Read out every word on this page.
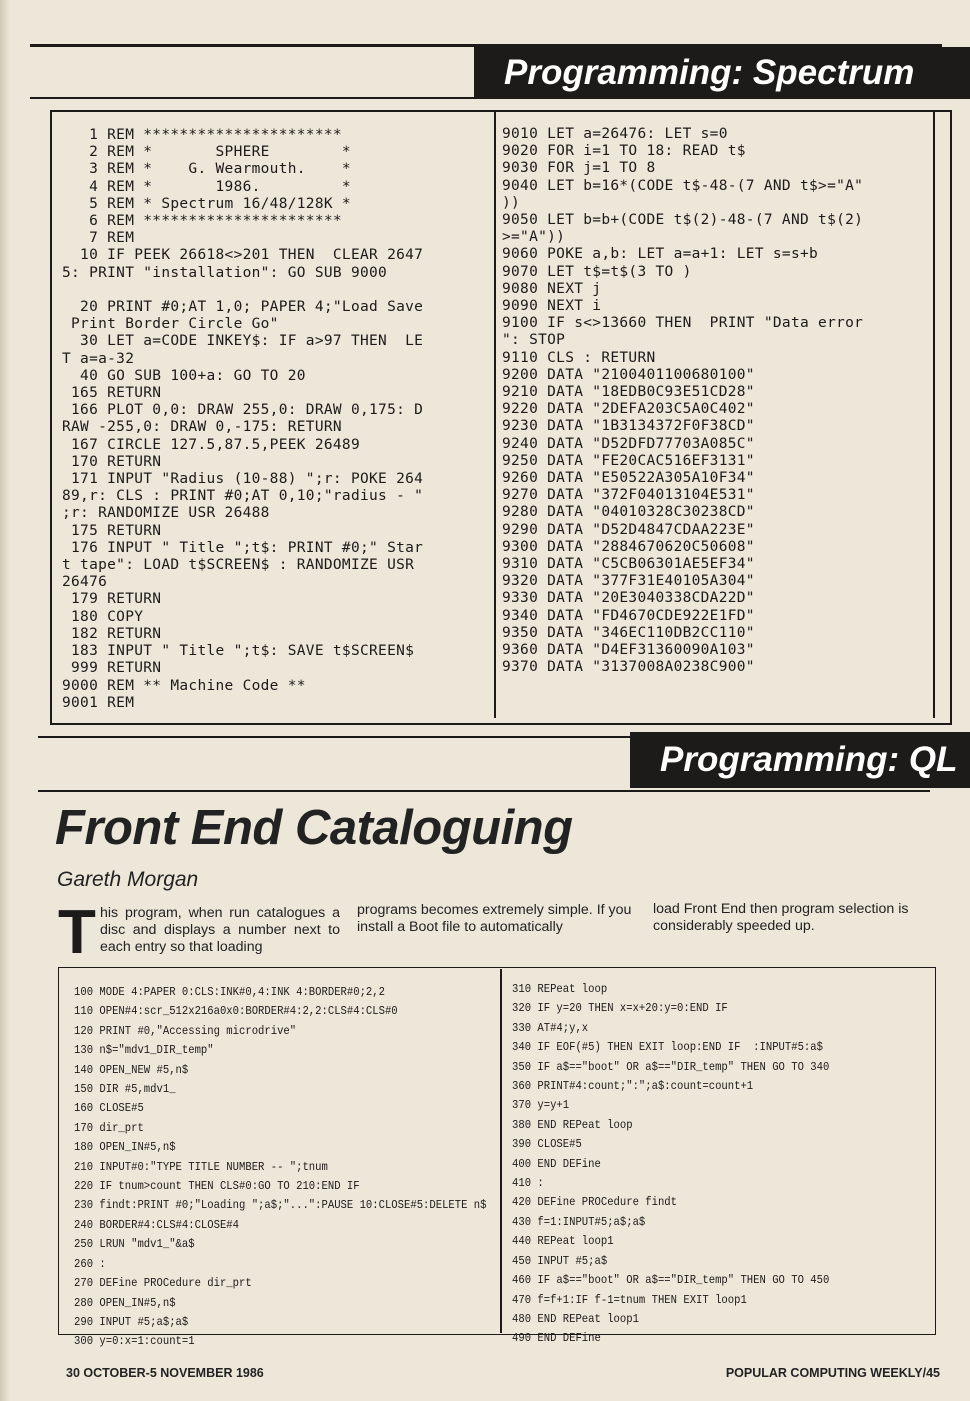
Programming: Spectrum
1 REM **********************
2 REM *       SPHERE        *
3 REM *    G. Wearmouth.    *
4 REM *       1986.         *
5 REM * Spectrum 16/48/128K *
6 REM **********************
7 REM
10 IF PEEK 26618<>201 THEN  CLEAR 2647
5: PRINT "installation": GO SUB 9000

20 PRINT #0;AT 1,0; PAPER 4;"Load Save
Print Border Circle Go"
30 LET a=CODE INKEY$: IF a>97 THEN  LE
T a=a-32
40 GO SUB 100+a: GO TO 20
165 RETURN
166 PLOT 0,0: DRAW 255,0: DRAW 0,175: D
RAW -255,0: DRAW 0,-175: RETURN
167 CIRCLE 127.5,87.5,PEEK 26489
170 RETURN
171 INPUT "Radius (10-88) ";r: POKE 264
89,r: CLS : PRINT #0;AT 0,10;"radius - "
;r: RANDOMIZE USR 26488
175 RETURN
176 INPUT " Title ";t$: PRINT #0;" Star
t tape": LOAD t$SCREEN$ : RANDOMIZE USR
26476
179 RETURN
180 COPY
182 RETURN
183 INPUT " Title ";t$: SAVE t$SCREEN$
999 RETURN
9000 REM ** Machine Code **
9001 REM
9010 LET a=26476: LET s=0
9020 FOR i=1 TO 18: READ t$
9030 FOR j=1 TO 8
9040 LET b=16*(CODE t$-48-(7 AND t$>="A"
))
9050 LET b=b+(CODE t$(2)-48-(7 AND t$(2)
>="A"))
9060 POKE a,b: LET a=a+1: LET s=s+b
9070 LET t$=t$(3 TO )
9080 NEXT j
9090 NEXT i
9100 IF s<>13660 THEN  PRINT "Data error
": STOP
9110 CLS : RETURN
9200 DATA "2100401100680100"
9210 DATA "18EDB0C93E51CD28"
9220 DATA "2DEFA203C5A0C402"
9230 DATA "1B3134372F0F38CD"
9240 DATA "D52DFD77703A085C"
9250 DATA "FE20CAC516EF3131"
9260 DATA "E50522A305A10F34"
9270 DATA "372F04013104E531"
9280 DATA "04010328C30238CD"
9290 DATA "D52D4847CDAA223E"
9300 DATA "2884670620C50608"
9310 DATA "C5CB06301AE5EF34"
9320 DATA "377F31E40105A304"
9330 DATA "20E3040338CDA22D"
9340 DATA "FD4670CDE922E1FD"
9350 DATA "346EC110DB2CC110"
9360 DATA "D4EF31360090A103"
9370 DATA "3137008A0238C900"
Programming: QL
Front End Cataloguing
Gareth Morgan
T his program, when run catalogues a disc and displays a number next to each entry so that loading
programs becomes extremely simple. If you install a Boot file to automatically
load Front End then program selection is considerably speeded up.
100 MODE 4:PAPER 0:CLS:INK#0,4:INK 4:BORDER#0;2,2
110 OPEN#4:scr_512x216a0x0:BORDER#4:2,2:CLS#4:CLS#0
120 PRINT #0,"Accessing microdrive"
130 n$="mdv1_DIR_temp"
140 OPEN_NEW #5,n$
150 DIR #5,mdv1_
160 CLOSE#5
170 dir_prt
180 OPEN_IN#5,n$
210 INPUT#0:"TYPE TITLE NUMBER -- ";tnum
220 IF tnum>count THEN CLS#0:GO TO 210:END IF
230 findt:PRINT #0;"Loading ";a$;"...":PAUSE 10:CLOSE#5:DELETE n$
240 BORDER#4:CLS#4:CLOSE#4
250 LRUN "mdv1_"&a$
260 :
270 DEFine PROCedure dir_prt
280 OPEN_IN#5,n$
290 INPUT #5;a$;a$
300 y=0:x=1:count=1
310 REPeat loop
320 IF y=20 THEN x=x+20:y=0:END IF
330 AT#4;y,x
340 IF EOF(#5) THEN EXIT loop:END IF  :INPUT#5:a$
350 IF a$=="boot" OR a$=="DIR_temp" THEN GO TO 340
360 PRINT#4:count;":";a$:count=count+1
370 y=y+1
380 END REPeat loop
390 CLOSE#5
400 END DEFine
410 :
420 DEFine PROCedure findt
430 f=1:INPUT#5;a$;a$
440 REPeat loop1
450 INPUT #5;a$
460 IF a$=="boot" OR a$=="DIR_temp" THEN GO TO 450
470 f=f+1:IF f-1=tnum THEN EXIT loop1
480 END REPeat loop1
490 END DEFine
30 OCTOBER-5 NOVEMBER 1986	POPULAR COMPUTING WEEKLY/45
